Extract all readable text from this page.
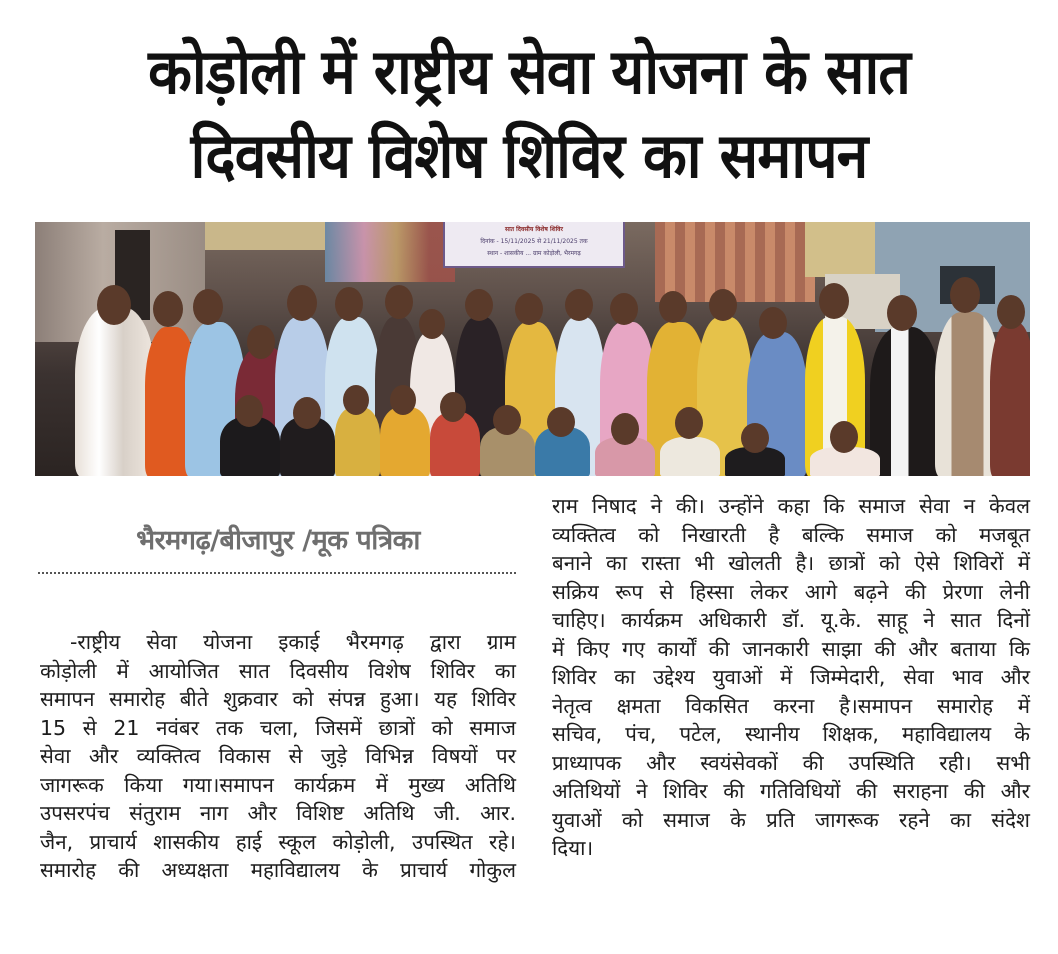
कोड़ोली में राष्ट्रीय सेवा योजना के सात
दिवसीय विशेष शिविर का समापन
सात दिवसीय विशेष शिविर
दिनांक - 15/11/2025 से 21/11/2025 तक
स्थान - शासकीय ... ग्राम कोड़ोली, भैरमगढ़
भैरमगढ़/बीजापुर /मूक पत्रिका
-राष्ट्रीय सेवा योजना इकाई भैरमगढ़ द्वारा ग्राम
कोड़ोली में आयोजित सात दिवसीय विशेष शिविर का
समापन समारोह बीते शुक्रवार को संपन्न हुआ। यह शिविर
15 से 21 नवंबर तक चला, जिसमें छात्रों को समाज
सेवा और व्यक्तित्व विकास से जुड़े विभिन्न विषयों पर
जागरूक किया गया।समापन कार्यक्रम में मुख्य अतिथि
उपसरपंच संतुराम नाग और विशिष्ट अतिथि जी. आर.
जैन, प्राचार्य शासकीय हाई स्कूल कोड़ोली, उपस्थित रहे।
समारोह की अध्यक्षता महाविद्यालय के प्राचार्य गोकुल
राम निषाद ने की। उन्होंने कहा कि समाज सेवा न केवल
व्यक्तित्व को निखारती है बल्कि समाज को मजबूत
बनाने का रास्ता भी खोलती है। छात्रों को ऐसे शिविरों में
सक्रिय रूप से हिस्सा लेकर आगे बढ़ने की प्रेरणा लेनी
चाहिए। कार्यक्रम अधिकारी डॉ. यू.के. साहू ने सात दिनों
में किए गए कार्यों की जानकारी साझा की और बताया कि
शिविर का उद्देश्य युवाओं में जिम्मेदारी, सेवा भाव और
नेतृत्व क्षमता विकसित करना है।समापन समारोह में
सचिव, पंच, पटेल, स्थानीय शिक्षक, महाविद्यालय के
प्राध्यापक और स्वयंसेवकों की उपस्थिति रही। सभी
अतिथियों ने शिविर की गतिविधियों की सराहना की और
युवाओं को समाज के प्रति जागरूक रहने का संदेश
दिया।
